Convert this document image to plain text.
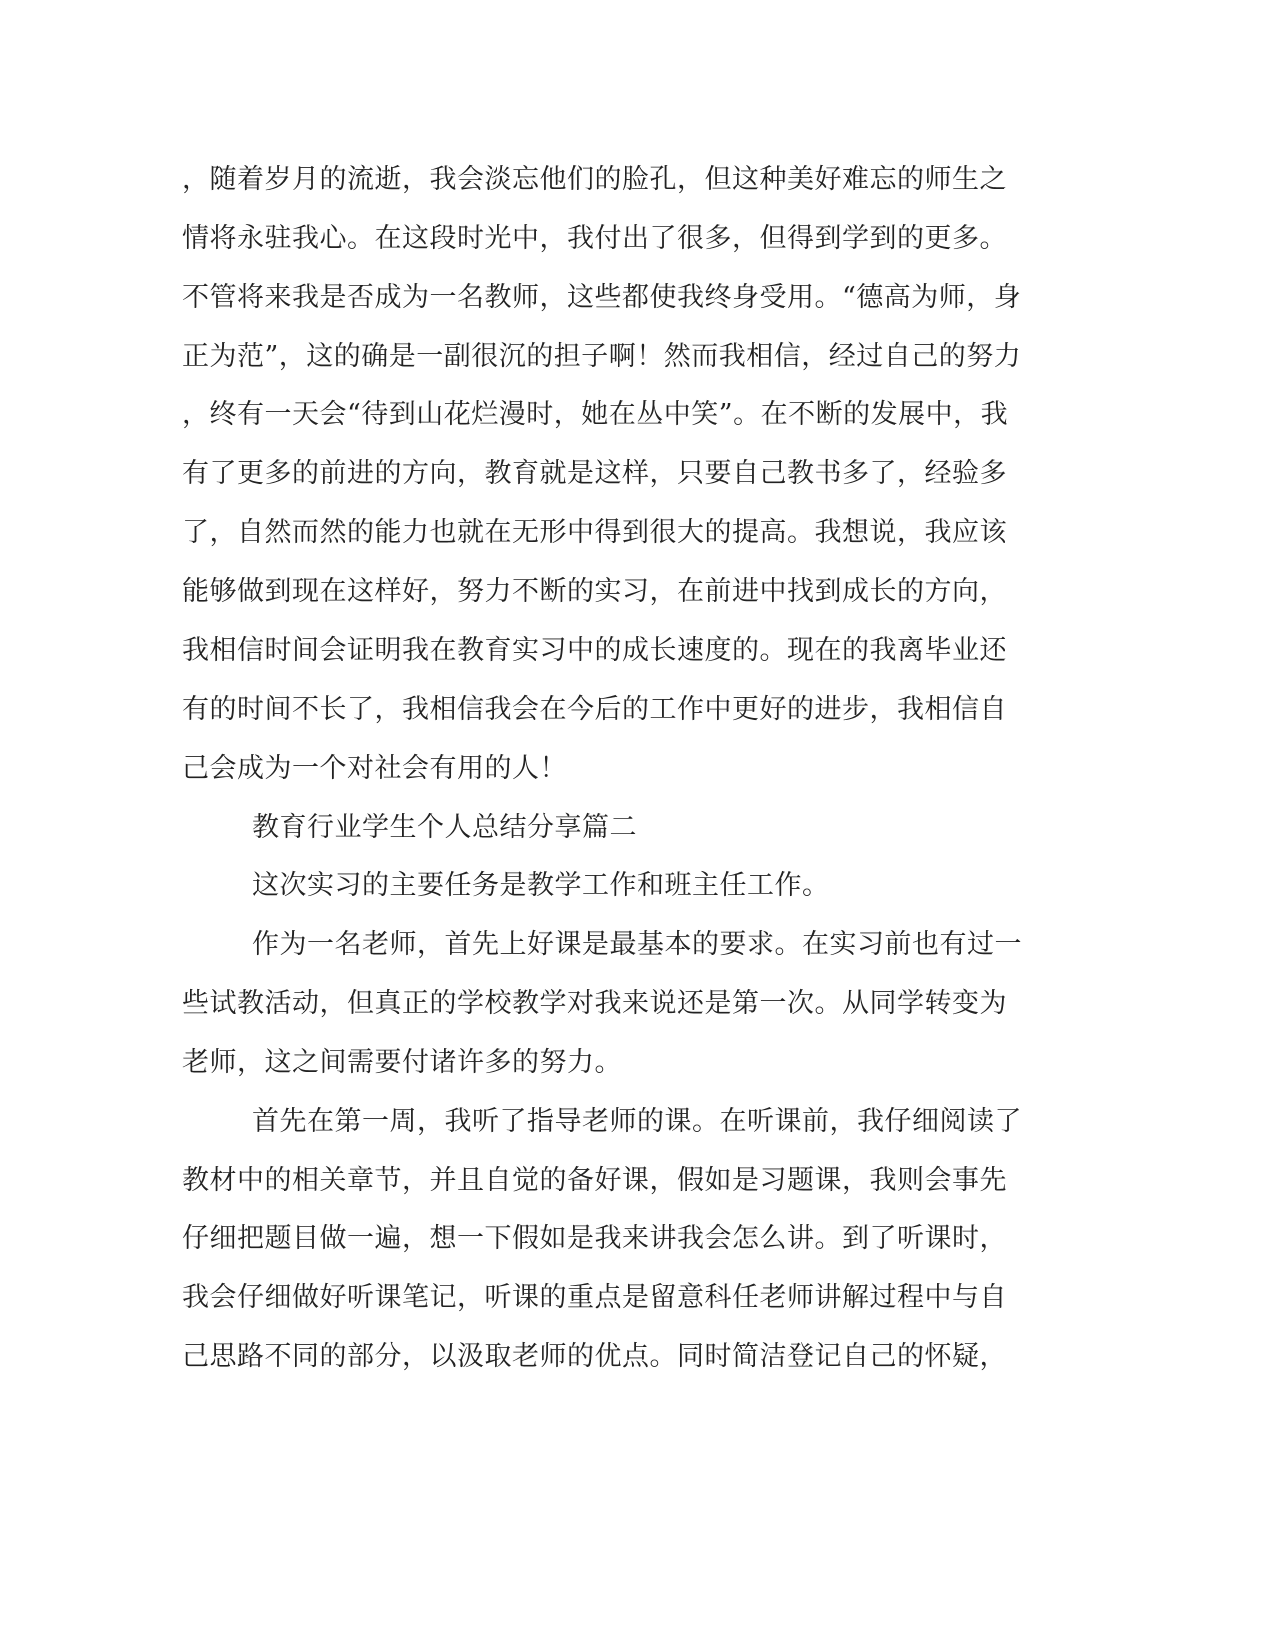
，随着岁月的流逝，我会淡忘他们的脸孔，但这种美好难忘的师生之

情将永驻我心。在这段时光中，我付出了很多，但得到学到的更多。

不管将来我是否成为一名教师，这些都使我终身受用。“德高为师，身

正为范”，这的确是一副很沉的担子啊！然而我相信，经过自己的努力

，终有一天会“待到山花烂漫时，她在丛中笑”。在不断的发展中，我

有了更多的前进的方向，教育就是这样，只要自己教书多了，经验多

了，自然而然的能力也就在无形中得到很大的提高。我想说，我应该

能够做到现在这样好，努力不断的实习，在前进中找到成长的方向，

我相信时间会证明我在教育实习中的成长速度的。现在的我离毕业还

有的时间不长了，我相信我会在今后的工作中更好的进步，我相信自

己会成为一个对社会有用的人！

教育行业学生个人总结分享篇二

这次实习的主要任务是教学工作和班主任工作。

作为一名老师，首先上好课是最基本的要求。在实习前也有过一

些试教活动，但真正的学校教学对我来说还是第一次。从同学转变为

老师，这之间需要付诸许多的努力。

首先在第一周，我听了指导老师的课。在听课前，我仔细阅读了

教材中的相关章节，并且自觉的备好课，假如是习题课，我则会事先

仔细把题目做一遍，想一下假如是我来讲我会怎么讲。到了听课时，

我会仔细做好听课笔记，听课的重点是留意科任老师讲解过程中与自

己思路不同的部分，以汲取老师的优点。同时简洁登记自己的怀疑，
